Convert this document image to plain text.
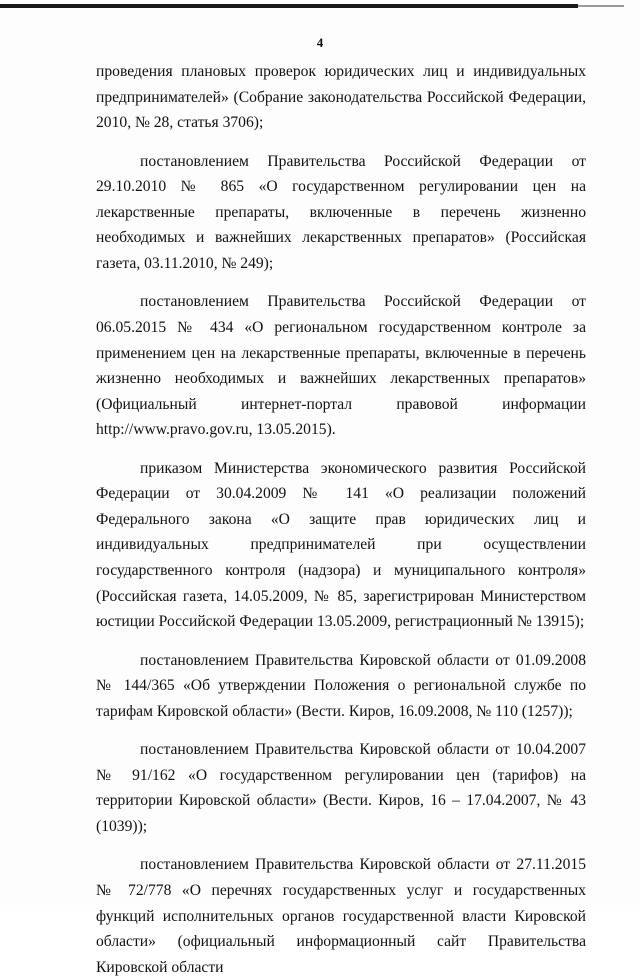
4

проведения плановых проверок юридических лиц и индивидуальных предпринимателей» (Собрание законодательства Российской Федерации, 2010, № 28, статья 3706);

постановлением Правительства Российской Федерации от 29.10.2010 № 865 «О государственном регулировании цен на лекарственные препараты, включенные в перечень жизненно необходимых и важнейших лекарственных препаратов» (Российская газета, 03.11.2010, № 249);

постановлением Правительства Российской Федерации от 06.05.2015 № 434 «О региональном государственном контроле за применением цен на лекарственные препараты, включенные в перечень жизненно необходимых и важнейших лекарственных препаратов» (Официальный интернет-портал правовой информации http://www.pravo.gov.ru, 13.05.2015).

приказом Министерства экономического развития Российской Федерации от 30.04.2009 № 141 «О реализации положений Федерального закона «О защите прав юридических лиц и индивидуальных предпринимателей при осуществлении государственного контроля (надзора) и муниципального контроля» (Российская газета, 14.05.2009, № 85, зарегистрирован Министерством юстиции Российской Федерации 13.05.2009, регистрационный № 13915);

постановлением Правительства Кировской области от 01.09.2008 № 144/365 «Об утверждении Положения о региональной службе по тарифам Кировской области» (Вести. Киров, 16.09.2008, № 110 (1257));

постановлением Правительства Кировской области от 10.04.2007 № 91/162 «О государственном регулировании цен (тарифов) на территории Кировской области» (Вести. Киров, 16 – 17.04.2007, № 43 (1039));

постановлением Правительства Кировской области от 27.11.2015 № 72/778 «О перечнях государственных услуг и государственных функций исполнительных органов государственной власти Кировской области» (официальный информационный сайт Правительства Кировской области
